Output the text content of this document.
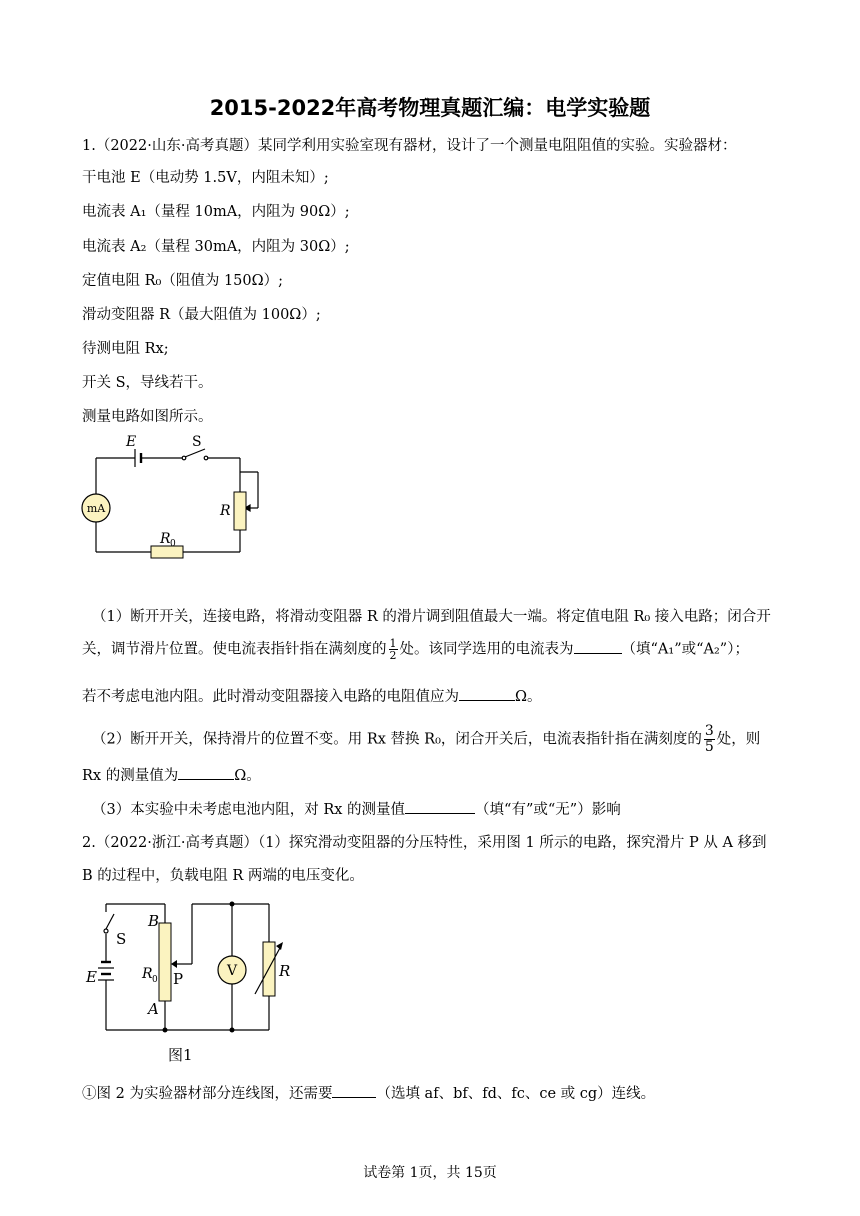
2015-2022年高考物理真题汇编：电学实验题
1.（2022·山东·高考真题）某同学利用实验室现有器材，设计了一个测量电阻阻值的实验。实验器材：
干电池 E（电动势 1.5V，内阻未知）;
电流表 A₁（量程 10mA，内阻为 90Ω）;
电流表 A₂（量程 30mA，内阻为 30Ω）;
定值电阻 R₀（阻值为 150Ω）;
滑动变阻器 R（最大阻值为 100Ω）;
待测电阻 Rx;
开关 S，导线若干。
测量电路如图所示。
mA
E	S
R
R 0
（1）断开开关，连接电路，将滑动变阻器 R 的滑片调到阻值最大一端。将定值电阻 R₀ 接入电路；闭合开
关，调节滑片位置。使电流表指针指在满刻度的 $\frac{1}{2}$ 处。该同学选用的电流表为	（填“A₁”或“A₂”）；
若不考虑电池内阻。此时滑动变阻器接入电路的电阻值应为	Ω。
（2）断开开关，保持滑片的位置不变。用 Rx 替换 R₀，闭合开关后，电流表指针指在满刻度的 $\frac{3}{5}$ 处，则
Rx 的测量值为	Ω。
（3）本实验中未考虑电池内阻，对 Rx 的测量值	（填“有”或“无”）影响
2.（2022·浙江·高考真题）（1）探究滑动变阻器的分压特性，采用图 1 所示的电路，探究滑片 P 从 A 移到
B 的过程中，负载电阻 R 两端的电压变化。
S
B
E	R 0 P
A
V	R
图1
①图 2 为实验器材部分连线图，还需要	（选填 af、bf、fd、fc、ce 或 cg）连线。
试卷第 1页，共 15页
